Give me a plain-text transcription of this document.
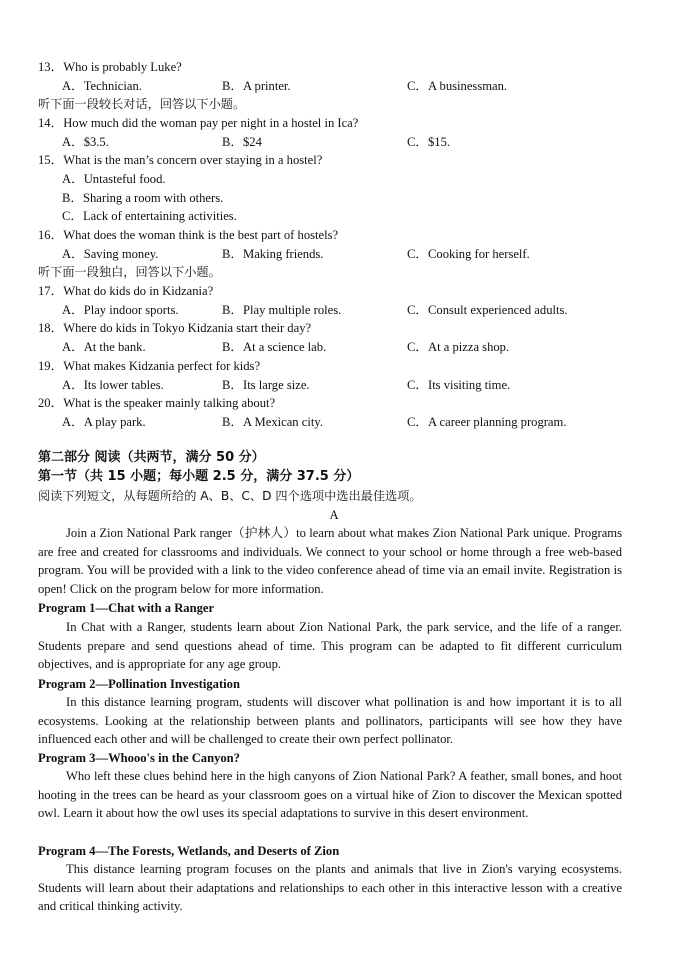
13．Who is probably Luke?
A．Technician.	B．A printer.	C．A businessman.
听下面一段较长对话，回答以下小题。
14．How much did the woman pay per night in a hostel in Ica?
A．$3.5.	B．$24	C．$15.
15．What is the man’s concern over staying in a hostel?
A．Untasteful food.
B．Sharing a room with others.
C．Lack of entertaining activities.
16．What does the woman think is the best part of hostels?
A．Saving money.	B．Making friends.	C．Cooking for herself.
听下面一段独白，回答以下小题。
17．What do kids do in Kidzania?
A．Play indoor sports.	B．Play multiple roles.	C．Consult experienced adults.
18．Where do kids in Tokyo Kidzania start their day?
A．At the bank.	B．At a science lab.	C．At a pizza shop.
19．What makes Kidzania perfect for kids?
A．Its lower tables.	B．Its large size.	C．Its visiting time.
20．What is the speaker mainly talking about?
A．A play park.	B．A Mexican city.	C．A career planning program.
第二部分 阅读（共两节，满分 50 分）
第一节（共 15 小题；每小题 2.5 分，满分 37.5 分）
阅读下列短文，从每题所给的 A、B、C、D 四个选项中选出最佳选项。
A
Join a Zion National Park ranger（护林人）to learn about what makes Zion National Park unique. Programs are free and created for classrooms and individuals. We connect to your school or home through a free web-based program. You will be provided with a link to the video conference ahead of time via an email invite. Registration is open! Click on the program below for more information.
Program 1—Chat with a Ranger
In Chat with a Ranger, students learn about Zion National Park, the park service, and the life of a ranger. Students prepare and send questions ahead of time. This program can be adapted to fit different curriculum objectives, and is appropriate for any age group.
Program 2—Pollination Investigation
In this distance learning program, students will discover what pollination is and how important it is to all ecosystems. Looking at the relationship between plants and pollinators, participants will see how they have influenced each other and will be challenged to create their own perfect pollinator.
Program 3—Whooo's in the Canyon?
Who left these clues behind here in the high canyons of Zion National Park? A feather, small bones, and hoot hooting in the trees can be heard as your classroom goes on a virtual hike of Zion to discover the Mexican spotted owl. Learn it about how the owl uses its special adaptations to survive in this desert environment.
Program 4—The Forests, Wetlands, and Deserts of Zion
This distance learning program focuses on the plants and animals that live in Zion's varying ecosystems. Students will learn about their adaptations and relationships to each other in this interactive lesson with a creative and critical thinking activity.
